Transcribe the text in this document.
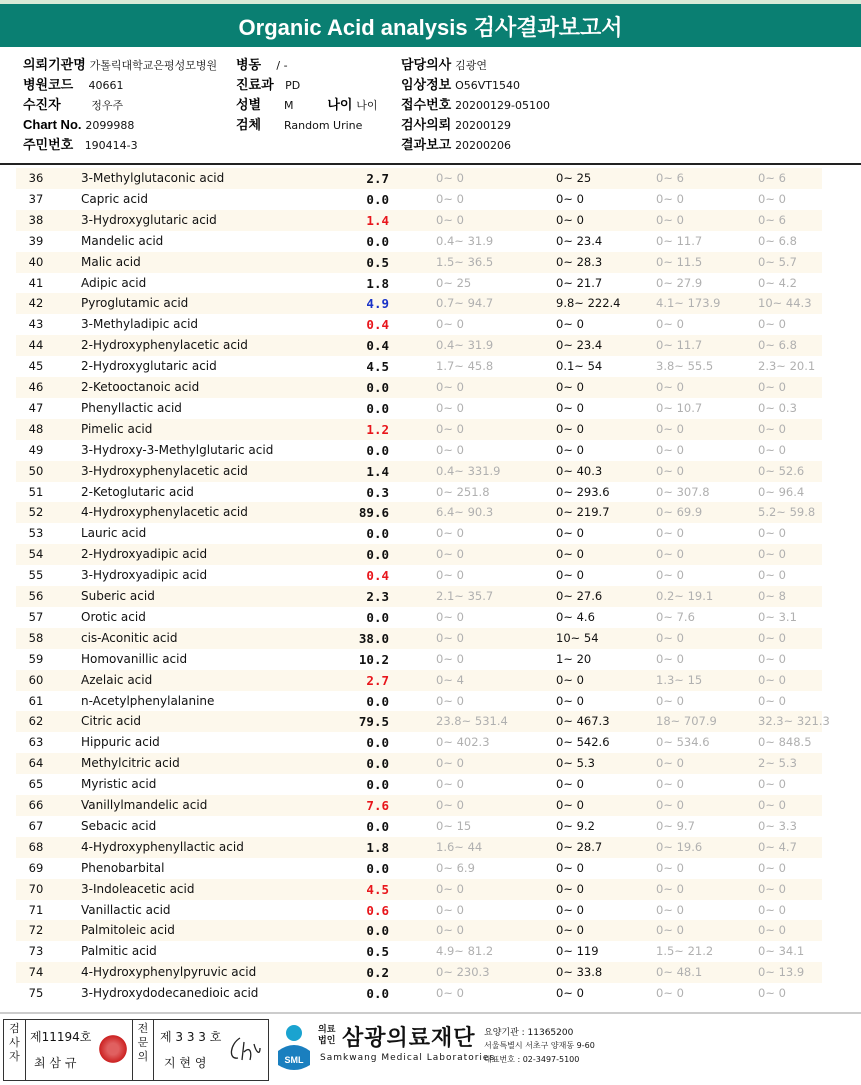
Organic Acid analysis 검사결과보고서
의뢰기관명 가톨릭대학교은평성모병원
병원코드 40661
수진자	정우주
Chart No. 2099988
주민번호 190414-3
병동 / -
진료과 PD
성별 M	나이 나이
검체 Random Urine
담당의사 김광연
임상정보 O56VT1540
접수번호 20200129-05100
검사의뢰 20200129
결과보고 20200206
36	3-Methylglutaconic acid	2.7	0~ 0	0~ 25	0~ 6	0~ 6
37	Capric acid	0.0	0~ 0	0~ 0	0~ 0	0~ 0
38	3-Hydroxyglutaric acid	1.4	0~ 0	0~ 0	0~ 0	0~ 6
39	Mandelic acid	0.0	0.4~ 31.9	0~ 23.4	0~ 11.7	0~ 6.8
40	Malic acid	0.5	1.5~ 36.5	0~ 28.3	0~ 11.5	0~ 5.7
41	Adipic acid	1.8	0~ 25	0~ 21.7	0~ 27.9	0~ 4.2
42	Pyroglutamic acid	4.9	0.7~ 94.7	9.8~ 222.4	4.1~ 173.9	10~ 44.3
43	3-Methyladipic acid	0.4	0~ 0	0~ 0	0~ 0	0~ 0
44	2-Hydroxyphenylacetic acid	0.4	0.4~ 31.9	0~ 23.4	0~ 11.7	0~ 6.8
45	2-Hydroxyglutaric acid	4.5	1.7~ 45.8	0.1~ 54	3.8~ 55.5	2.3~ 20.1
46	2-Ketooctanoic acid	0.0	0~ 0	0~ 0	0~ 0	0~ 0
47	Phenyllactic acid	0.0	0~ 0	0~ 0	0~ 10.7	0~ 0.3
48	Pimelic acid	1.2	0~ 0	0~ 0	0~ 0	0~ 0
49	3-Hydroxy-3-Methylglutaric acid	0.0	0~ 0	0~ 0	0~ 0	0~ 0
50	3-Hydroxyphenylacetic acid	1.4	0.4~ 331.9	0~ 40.3	0~ 0	0~ 52.6
51	2-Ketoglutaric acid	0.3	0~ 251.8	0~ 293.6	0~ 307.8	0~ 96.4
52	4-Hydroxyphenylacetic acid	89.6	6.4~ 90.3	0~ 219.7	0~ 69.9	5.2~ 59.8
53	Lauric acid	0.0	0~ 0	0~ 0	0~ 0	0~ 0
54	2-Hydroxyadipic acid	0.0	0~ 0	0~ 0	0~ 0	0~ 0
55	3-Hydroxyadipic acid	0.4	0~ 0	0~ 0	0~ 0	0~ 0
56	Suberic acid	2.3	2.1~ 35.7	0~ 27.6	0.2~ 19.1	0~ 8
57	Orotic acid	0.0	0~ 0	0~ 4.6	0~ 7.6	0~ 3.1
58	cis-Aconitic acid	38.0	0~ 0	10~ 54	0~ 0	0~ 0
59	Homovanillic acid	10.2	0~ 0	1~ 20	0~ 0	0~ 0
60	Azelaic acid	2.7	0~ 4	0~ 0	1.3~ 15	0~ 0
61	n-Acetylphenylalanine	0.0	0~ 0	0~ 0	0~ 0	0~ 0
62	Citric acid	79.5	23.8~ 531.4	0~ 467.3	18~ 707.9	32.3~ 321.3
63	Hippuric acid	0.0	0~ 402.3	0~ 542.6	0~ 534.6	0~ 848.5
64	Methylcitric acid	0.0	0~ 0	0~ 5.3	0~ 0	2~ 5.3
65	Myristic acid	0.0	0~ 0	0~ 0	0~ 0	0~ 0
66	Vanillylmandelic acid	7.6	0~ 0	0~ 0	0~ 0	0~ 0
67	Sebacic acid	0.0	0~ 15	0~ 9.2	0~ 9.7	0~ 3.3
68	4-Hydroxyphenyllactic acid	1.8	1.6~ 44	0~ 28.7	0~ 19.6	0~ 4.7
69	Phenobarbital	0.0	0~ 6.9	0~ 0	0~ 0	0~ 0
70	3-Indoleacetic acid	4.5	0~ 0	0~ 0	0~ 0	0~ 0
71	Vanillactic acid	0.6	0~ 0	0~ 0	0~ 0	0~ 0
72	Palmitoleic acid	0.0	0~ 0	0~ 0	0~ 0	0~ 0
73	Palmitic acid	0.5	4.9~ 81.2	0~ 119	1.5~ 21.2	0~ 34.1
74	4-Hydroxyphenylpyruvic acid	0.2	0~ 230.3	0~ 33.8	0~ 48.1	0~ 13.9
75	3-Hydroxydodecanedioic acid	0.0	0~ 0	0~ 0	0~ 0	0~ 0
검사자
제11194호
최 삼 규
전문의
제 3 3 3 호
지 현 영	SML
의료법인 삼광의료재단
Samkwang Medical Laboratories
요양기관 : 11365200
서울특별시 서초구 양재동 9-60
대표번호 : 02-3497-5100
